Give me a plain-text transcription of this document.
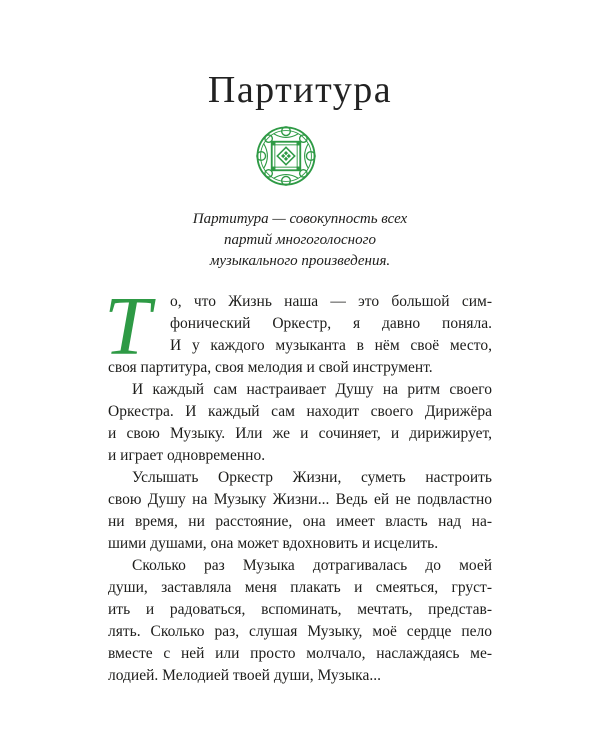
Партитура
Партитура — совокупность всех
партий многоголосного
музыкального произведения.
Т	о, что Жизнь наша — это большой сим-
фонический Оркестр, я давно поняла.
И у каждого музыканта в нём своё место,
своя партитура, своя мелодия и свой инструмент.
И каждый сам настраивает Душу на ритм своего
Оркестра. И каждый сам находит своего Дирижёра
и свою Музыку. Или же и сочиняет, и дирижирует,
и играет одновременно.
Услышать Оркестр Жизни, суметь настроить
свою Душу на Музыку Жизни... Ведь ей не подвластно
ни время, ни расстояние, она имеет власть над на-
шими душами, она может вдохновить и исцелить.
Сколько раз Музыка дотрагивалась до моей
души, заставляла меня плакать и смеяться, груст-
ить и радоваться, вспоминать, мечтать, представ-
лять. Сколько раз, слушая Музыку, моё сердце пело
вместе с ней или просто молчало, наслаждаясь ме-
лодией. Мелодией твоей души, Музыка...
